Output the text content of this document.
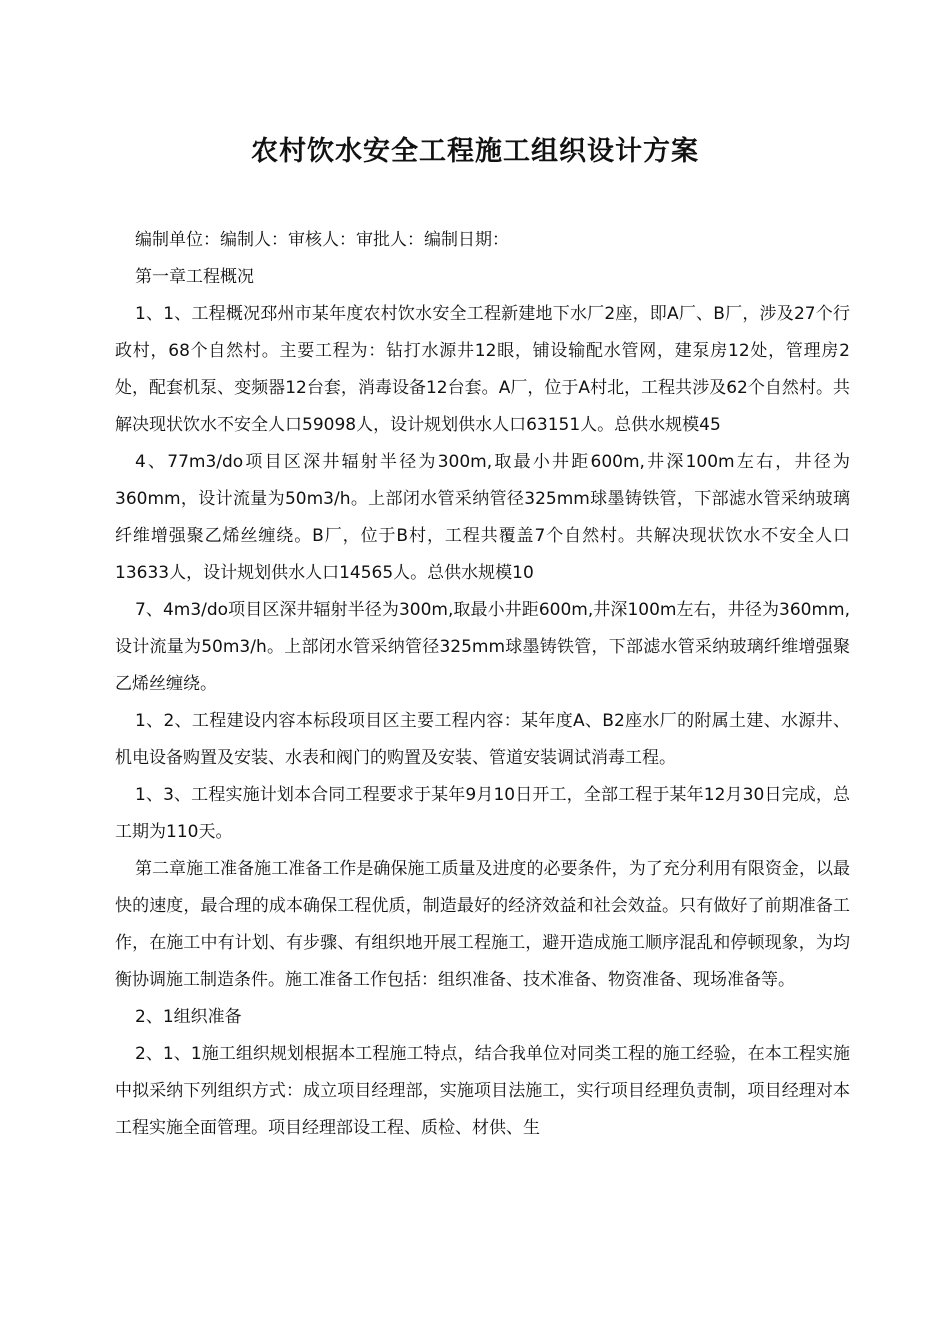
农村饮水安全工程施工组织设计方案

编制单位：编制人：审核人：审批人：编制日期：

第一章工程概况

1、1、工程概况邳州市某年度农村饮水安全工程新建地下水厂2座，即A厂、B厂，涉及27个行政村，68个自然村。主要工程为：钻打水源井12眼，铺设输配水管网，建泵房12处，管理房2处，配套机泵、变频器12台套，消毒设备12台套。A厂，位于A村北，工程共涉及62个自然村。共解决现状饮水不安全人口59098人，设计规划供水人口63151人。总供水规模45

4、77m3/do项目区深井辐射半径为300m,取最小井距600m,井深100m左右，井径为360mm，设计流量为50m3/h。上部闭水管采纳管径325mm球墨铸铁管，下部滤水管采纳玻璃纤维增强聚乙烯丝缠绕。B厂，位于B村，工程共覆盖7个自然村。共解决现状饮水不安全人口13633人，设计规划供水人口14565人。总供水规模10

7、4m3/do项目区深井辐射半径为300m,取最小井距600m,井深100m左右，井径为360mm,设计流量为50m3/h。上部闭水管采纳管径325mm球墨铸铁管，下部滤水管采纳玻璃纤维增强聚乙烯丝缠绕。

1、2、工程建设内容本标段项目区主要工程内容：某年度A、B2座水厂的附属土建、水源井、机电设备购置及安装、水表和阀门的购置及安装、管道安装调试消毒工程。

1、3、工程实施计划本合同工程要求于某年9月10日开工，全部工程于某年12月30日完成，总工期为110天。

第二章施工准备施工准备工作是确保施工质量及进度的必要条件，为了充分利用有限资金，以最快的速度，最合理的成本确保工程优质，制造最好的经济效益和社会效益。只有做好了前期准备工作，在施工中有计划、有步骤、有组织地开展工程施工，避开造成施工顺序混乱和停顿现象，为均衡协调施工制造条件。施工准备工作包括：组织准备、技术准备、物资准备、现场准备等。

2、1组织准备

2、1、1施工组织规划根据本工程施工特点，结合我单位对同类工程的施工经验，在本工程实施中拟采纳下列组织方式：成立项目经理部，实施项目法施工，实行项目经理负责制，项目经理对本工程实施全面管理。项目经理部设工程、质检、材供、生
